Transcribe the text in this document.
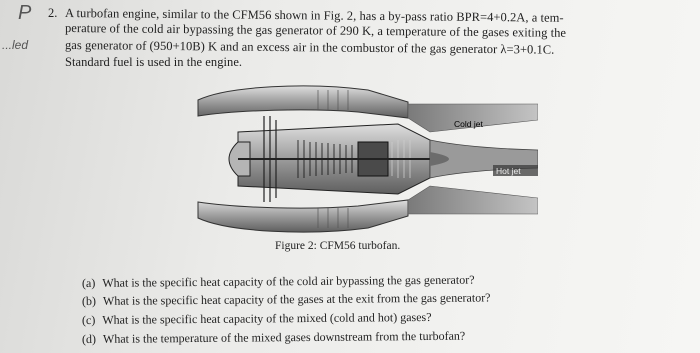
P
...led
2. A turbofan engine, similar to the CFM56 shown in Fig. 2, has a by-pass ratio BPR=4+0.2A, a tem-
perature of the cold air bypassing the gas generator of 290 K, a temperature of the gases exiting the
gas generator of (950+10B) K and an excess air in the combustor of the gas generator λ=3+0.1C.
Standard fuel is used in the engine.
Cold jet
Hot jet
Figure 2: CFM56 turbofan.
(a) What is the specific heat capacity of the cold air bypassing the gas generator?
(b) What is the specific heat capacity of the gases at the exit from the gas generator?
(c) What is the specific heat capacity of the mixed (cold and hot) gases?
(d) What is the temperature of the mixed gases downstream from the turbofan?
